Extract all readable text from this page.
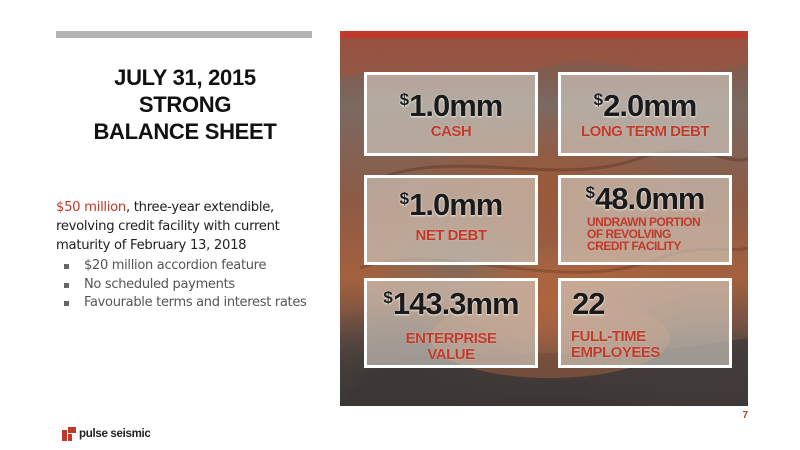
JULY 31, 2015
STRONG
BALANCE SHEET
$50 million, three-year extendible, revolving credit facility with current maturity of February 13, 2018
$20 million accordion feature
No scheduled payments
Favourable terms and interest rates
$1.0mm
CASH
$2.0mm
LONG TERM DEBT
$1.0mm
NET DEBT
$48.0mm
UNDRAWN PORTION
OF REVOLVING
CREDIT FACILITY
$143.3mm
ENTERPRISE
VALUE
22
FULL-TIME
EMPLOYEES
7
pulse seismic
